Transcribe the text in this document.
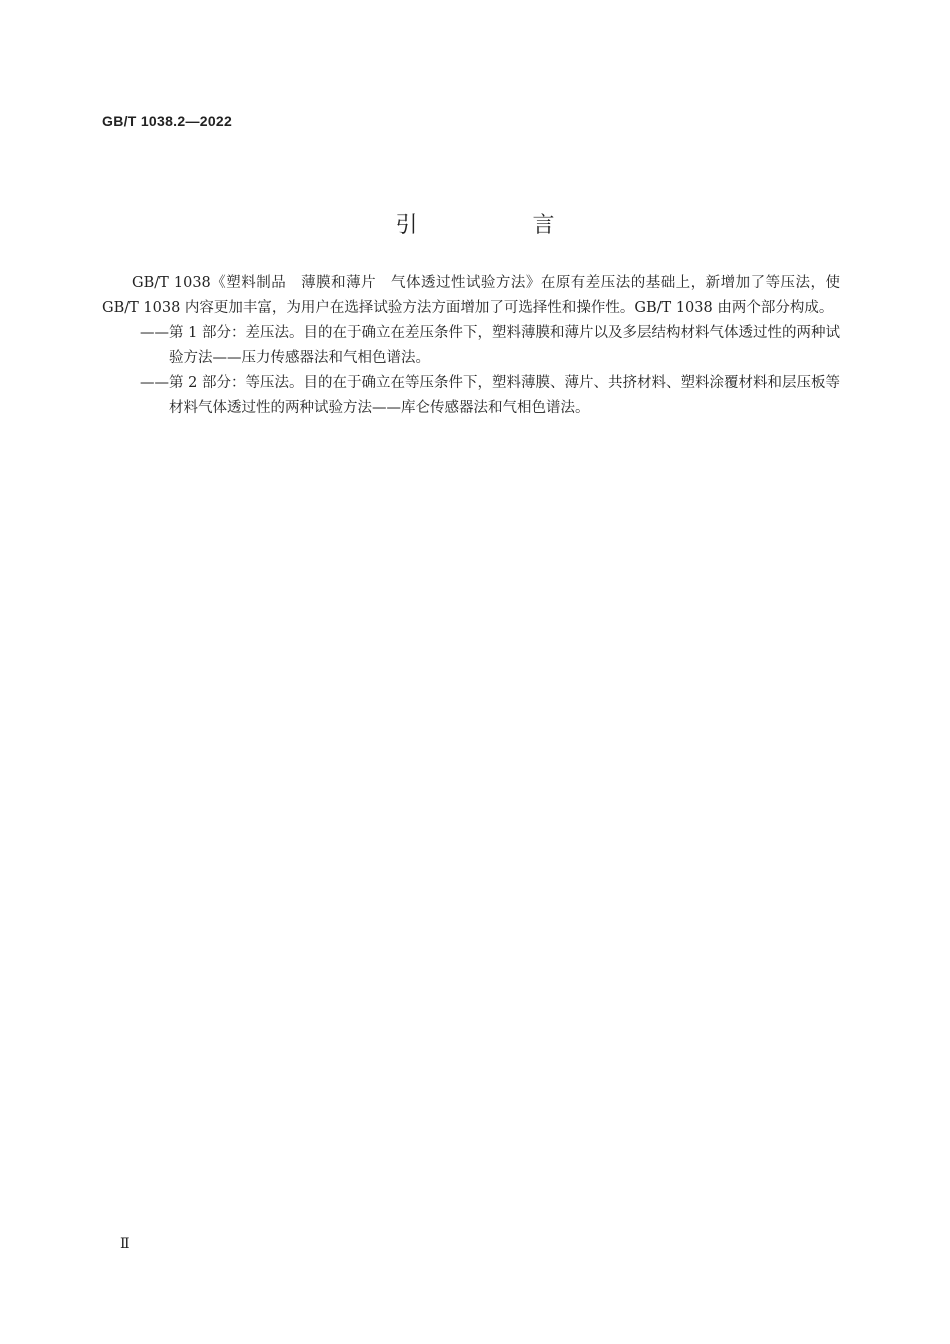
GB/T 1038.2—2022
引 言

GB/T 1038《塑料制品　薄膜和薄片　气体透过性试验方法》在原有差压法的基础上，新增加了等压法，使 GB/T 1038 内容更加丰富，为用户在选择试验方法方面增加了可选择性和操作性。GB/T 1038 由两个部分构成。

——第 1 部分：差压法。目的在于确立在差压条件下，塑料薄膜和薄片以及多层结构材料气体透过性的两种试验方法——压力传感器法和气相色谱法。
——第 2 部分：等压法。目的在于确立在等压条件下，塑料薄膜、薄片、共挤材料、塑料涂覆材料和层压板等材料气体透过性的两种试验方法——库仑传感器法和气相色谱法。
Ⅱ
